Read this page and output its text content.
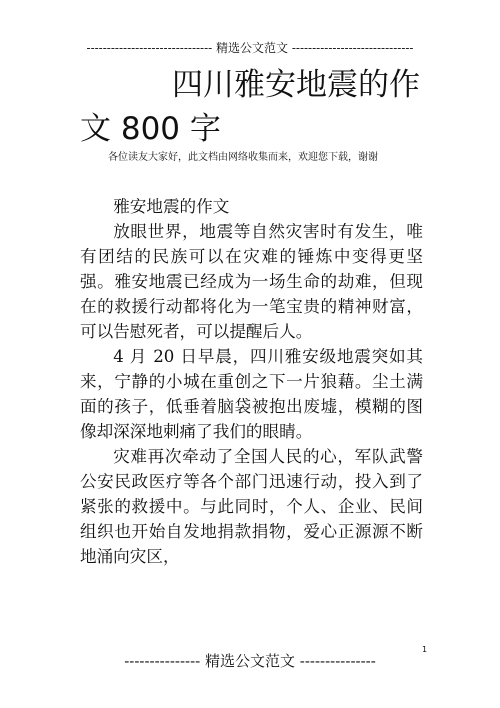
------------------------------- 精选公文范文 ------------------------------
四川雅安地震的作
文 800 字
各位读友大家好，此文档由网络收集而来，欢迎您下载，谢谢

雅安地震的作文

放眼世界，地震等自然灾害时有发生，唯有团结的民族可以在灾难的锤炼中变得更坚强。雅安地震已经成为一场生命的劫难，但现在的救援行动都将化为一笔宝贵的精神财富， 可以告慰死者，可以提醒后人。

4 月 20 日早晨，四川雅安级地震突如其来，宁静的小城在重创之下一片狼藉。尘土满面的孩子，低垂着脑袋被抱出废墟，模糊的图像却深深地刺痛了我们的眼睛。

灾难再次牵动了全国人民的心，军队武警公安民政医疗等各个部门迅速行动，投入到了紧张的救援中。与此同时，个人、企业、民间组织也开始自发地捐款捐物，爱心正源源不断地涌向灾区，

1
--------------- 精选公文范文 ---------------
